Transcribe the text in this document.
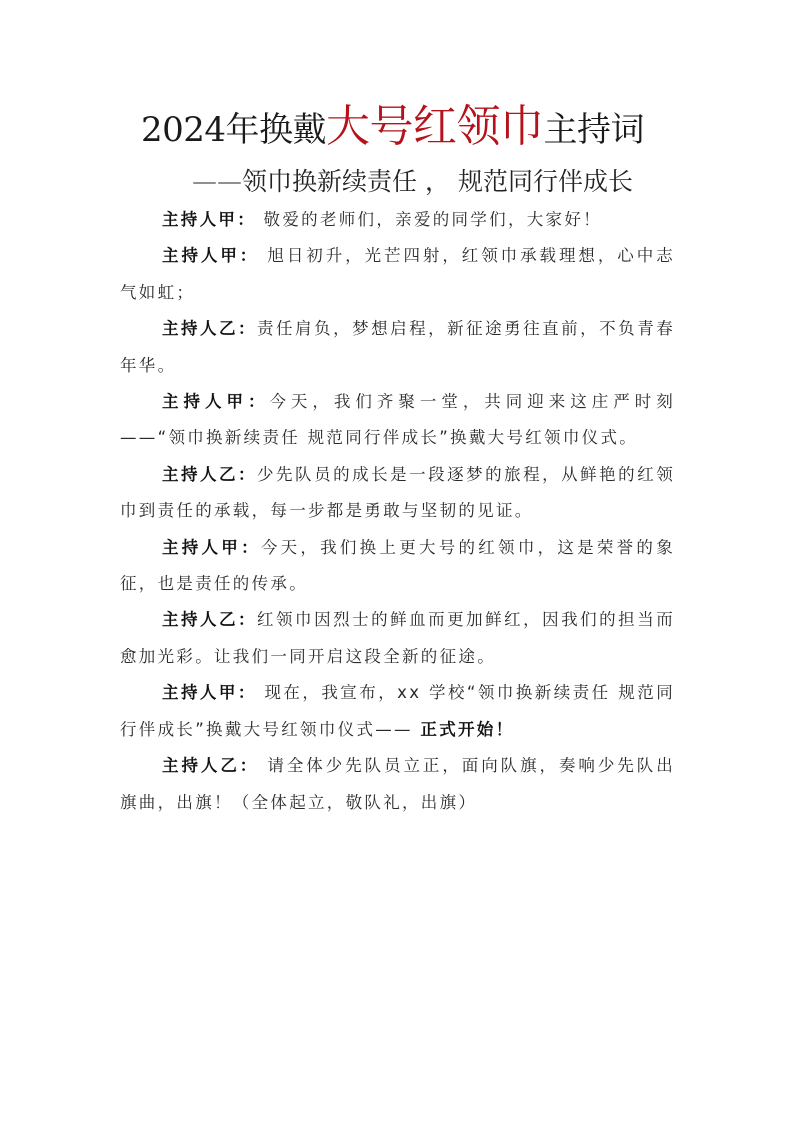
2024年换戴大号红领巾主持词
——领巾换新续责任 ， 规范同行伴成长

主持人甲： 敬爱的老师们，亲爱的同学们，大家好！

主持人甲： 旭日初升，光芒四射，红领巾承载理想，心中志气如虹；

主持人乙：责任肩负，梦想启程，新征途勇往直前，不负青春年华。

主持人甲：今天，我们齐聚一堂，共同迎来这庄严时刻——“领巾换新续责任 规范同行伴成长”换戴大号红领巾仪式。

主持人乙：少先队员的成长是一段逐梦的旅程，从鲜艳的红领巾到责任的承载，每一步都是勇敢与坚韧的见证。

主持人甲：今天，我们换上更大号的红领巾，这是荣誉的象征，也是责任的传承。

主持人乙：红领巾因烈士的鲜血而更加鲜红，因我们的担当而愈加光彩。让我们一同开启这段全新的征途。

主持人甲： 现在，我宣布，xx 学校“领巾换新续责任 规范同行伴成长”换戴大号红领巾仪式—— 正式开始！

主持人乙： 请全体少先队员立正，面向队旗，奏响少先队出旗曲，出旗！（全体起立，敬队礼，出旗）
